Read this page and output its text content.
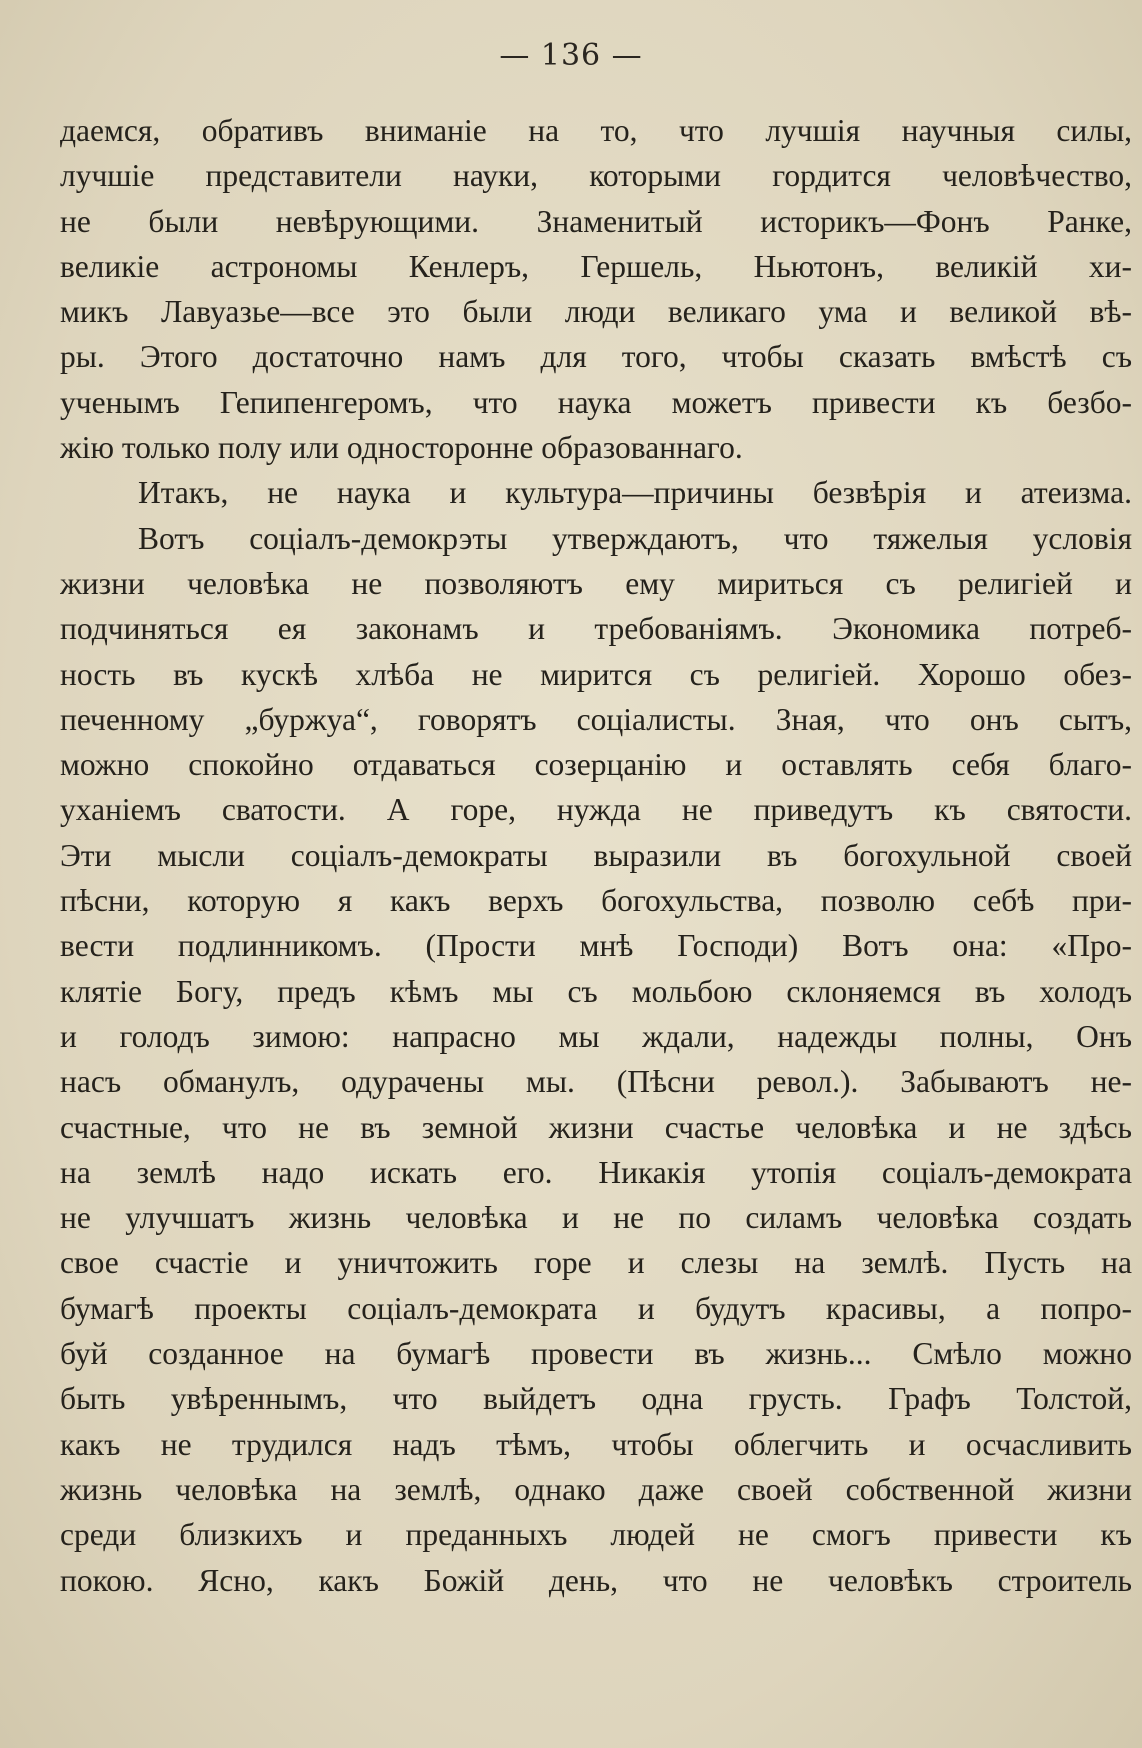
— 136 —
даемся, обративъ вниманіе на то, что лучшія научныя силы,
лучшіе представители науки, которыми гордится человѣчество,
не были невѣрующими. Знаменитый историкъ—Фонъ Ранке,
великіе астрономы Кенлеръ, Гершель, Ньютонъ, великій хи-
микъ Лавуазье—все это были люди великаго ума и великой вѣ-
ры. Этого достаточно намъ для того, чтобы сказать вмѣстѣ съ
ученымъ Гепипенгеромъ, что наука можетъ привести къ безбо-
жію только полу или односторонне образованнаго.
Итакъ, не наука и культура—причины безвѣрія и атеизма.
Вотъ соціалъ-демокрэты утверждаютъ, что тяжелыя условія
жизни человѣка не позволяютъ ему мириться съ религіей и
подчиняться ея законамъ и требованіямъ. Экономика потреб-
ность въ кускѣ хлѣба не мирится съ религіей. Хорошо обез-
печенному „буржуа“, говорятъ соціалисты. Зная, что онъ сытъ,
можно спокойно отдаваться созерцанію и оставлять себя благо-
уханіемъ сватости. А горе, нужда не приведутъ къ святости.
Эти мысли соціалъ-демократы выразили въ богохульной своей
пѣсни, которую я какъ верхъ богохульства, позволю себѣ при-
вести подлинникомъ. (Прости мнѣ Господи) Вотъ она: «Про-
клятіе Богу, предъ кѣмъ мы съ мольбою склоняемся въ холодъ
и голодъ зимою: напрасно мы ждали, надежды полны, Онъ
насъ обманулъ, одурачены мы. (Пѣсни револ.). Забываютъ не-
счастные, что не въ земной жизни счастье человѣка и не здѣсь
на землѣ надо искать его. Никакія утопія соціалъ-демократа
не улучшатъ жизнь человѣка и не по силамъ человѣка создать
свое счастіе и уничтожить горе и слезы на землѣ. Пусть на
бумагѣ проекты соціалъ-демократа и будутъ красивы, а попро-
буй созданное на бумагѣ провести въ жизнь... Смѣло можно
быть увѣреннымъ, что выйдетъ одна грусть. Графъ Толстой,
какъ не трудился надъ тѣмъ, чтобы облегчить и осчасливить
жизнь человѣка на землѣ, однако даже своей собственной жизни
среди близкихъ и преданныхъ людей не смогъ привести къ
покою. Ясно, какъ Божій день, что не человѣкъ строитель
